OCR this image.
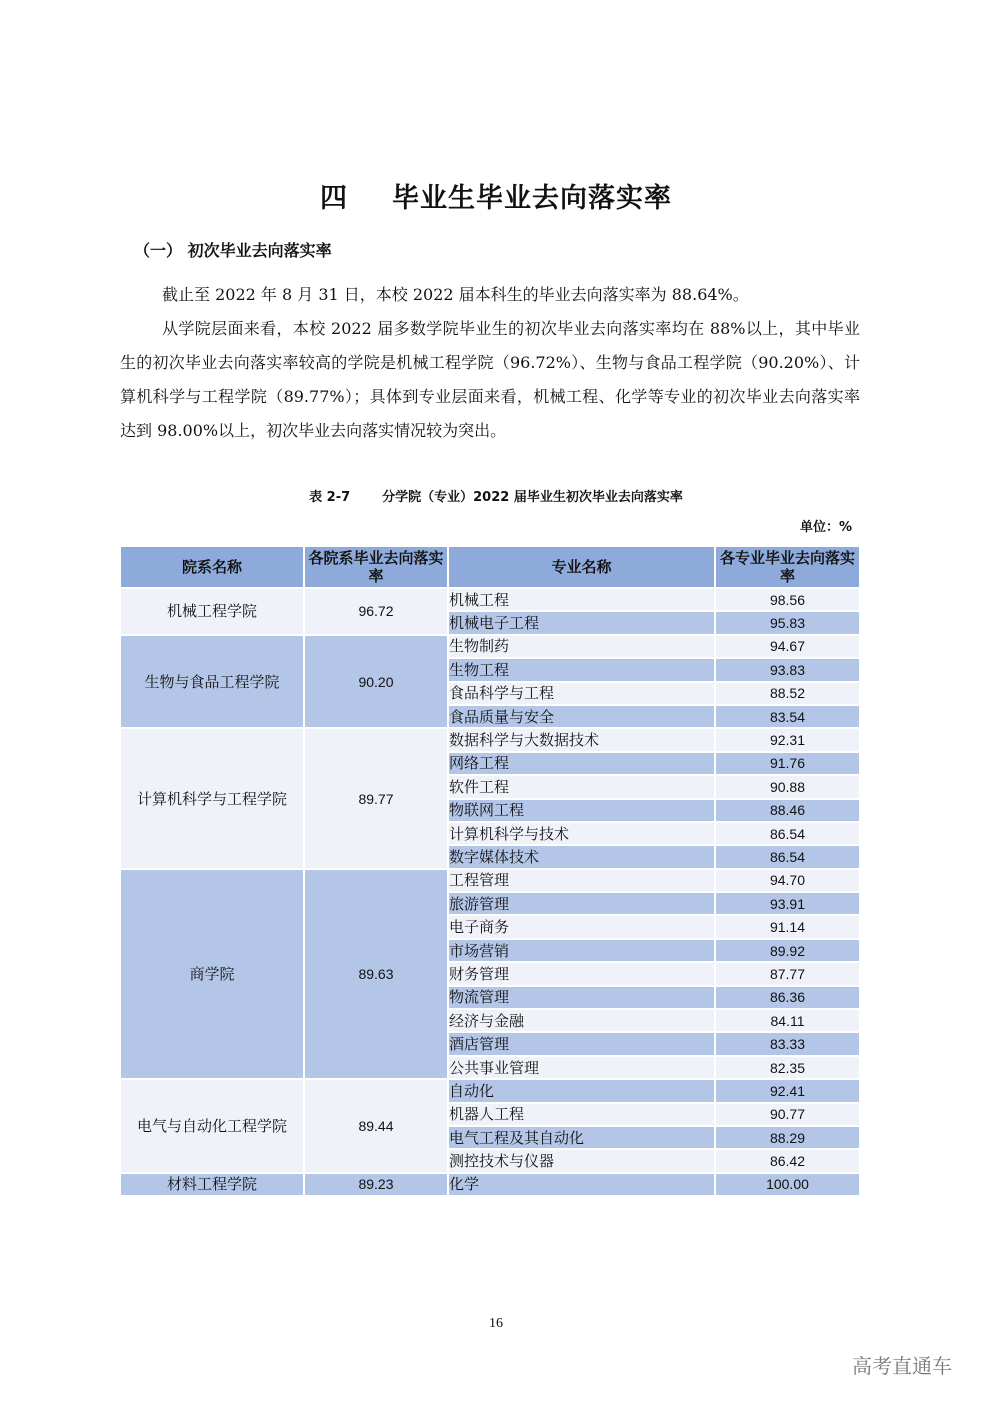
四 毕业生毕业去向落实率
（一） 初次毕业去向落实率

截止至 2022 年 8 月 31 日，本校 2022 届本科生的毕业去向落实率为 88.64%。

从学院层面来看，本校 2022 届多数学院毕业生的初次毕业去向落实率均在 88%以上，其中毕业生的初次毕业去向落实率较高的学院是机械工程学院（96.72%）、生物与食品工程学院（90.20%）、计算机科学与工程学院（89.77%）；具体到专业层面来看，机械工程、化学等专业的初次毕业去向落实率达到 98.00%以上，初次毕业去向落实情况较为突出。

表 2-7 分学院（专业）2022 届毕业生初次毕业去向落实率
单位：%
院系名称	各院系毕业去向落实率	专业名称	各专业毕业去向落实率
机械工程学院	96.72	机械工程	98.56
		机械电子工程	95.83
生物与食品工程学院	90.20	生物制药	94.67
		生物工程	93.83
		食品科学与工程	88.52
		食品质量与安全	83.54
计算机科学与工程学院	89.77	数据科学与大数据技术	92.31
		网络工程	91.76
		软件工程	90.88
		物联网工程	88.46
		计算机科学与技术	86.54
		数字媒体技术	86.54
商学院	89.63	工程管理	94.70
		旅游管理	93.91
		电子商务	91.14
		市场营销	89.92
		财务管理	87.77
		物流管理	86.36
		经济与金融	84.11
		酒店管理	83.33
		公共事业管理	82.35
电气与自动化工程学院	89.44	自动化	92.41
		机器人工程	90.77
		电气工程及其自动化	88.29
		测控技术与仪器	86.42
材料工程学院	89.23	化学	100.00
16
高考直通车
